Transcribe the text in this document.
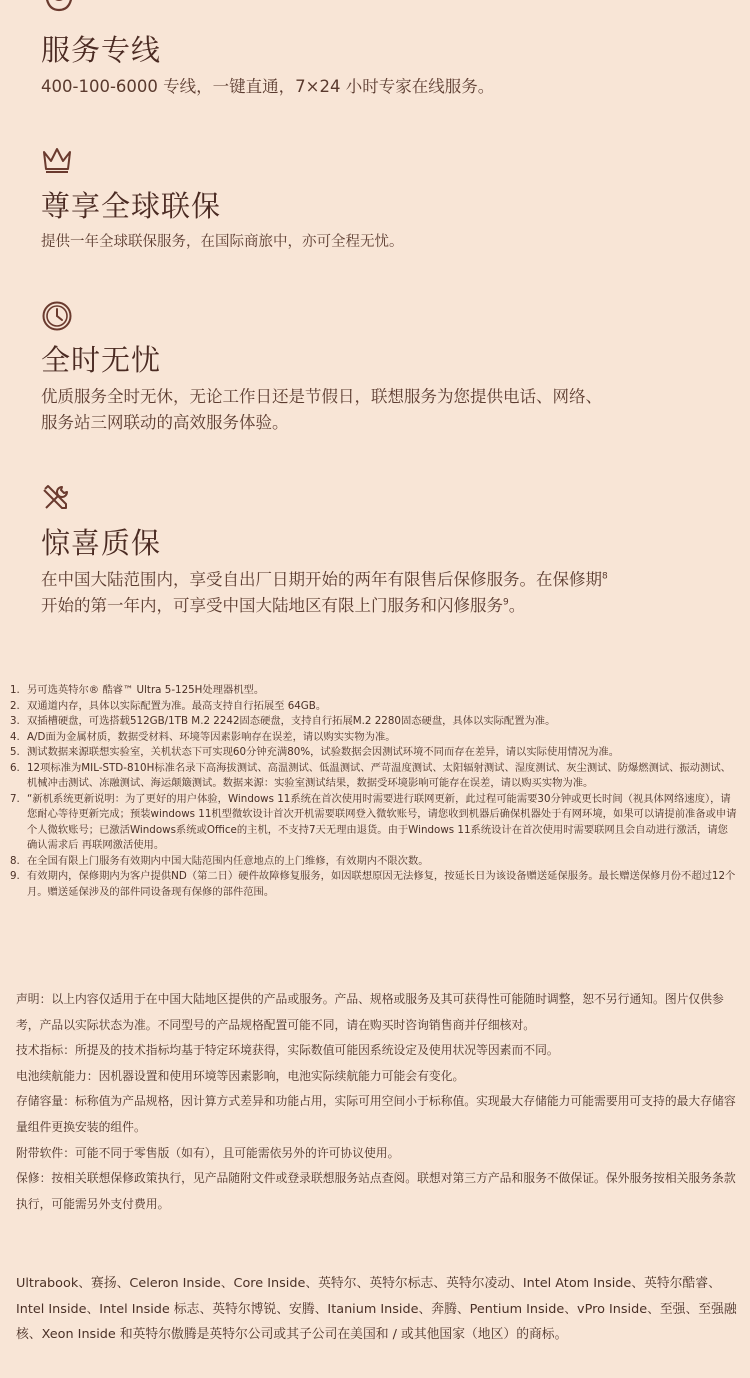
服务专线
400-100-6000 专线，一键直通，7×24 小时专家在线服务。
尊享全球联保
提供一年全球联保服务，在国际商旅中，亦可全程无忧。
全时无忧
优质服务全时无休，无论工作日还是节假日，联想服务为您提供电话、网络、
服务站三网联动的高效服务体验。
惊喜质保
在中国大陆范围内，享受自出厂日期开始的两年有限售后保修服务。在保修期$^8$
开始的第一年内，可享受中国大陆地区有限上门服务和闪修服务$^9$。
1. 另可选英特尔® 酷睿™ Ultra 5-125H处理器机型。
2. 双通道内存，具体以实际配置为准。最高支持自行拓展至 64GB。
3. 双插槽硬盘，可选搭载512GB/1TB M.2 2242固态硬盘，支持自行拓展M.2 2280固态硬盘，具体以实际配置为准。
4. A/D面为金属材质，数据受材料、环境等因素影响存在误差，请以购实实物为准。
5. 测试数据来源联想实验室，关机状态下可实现60分钟充满80%，试验数据会因测试环境不同而存在差异，请以实际使用情况为准。
6. 12项标准为MIL-STD-810H标准名录下高海拔测试、高温测试、低温测试、严苛温度测试、太阳辐射测试、湿度测试、灰尘测试、防爆燃测试、振动测试、机械冲击测试、冻融测试、海运颠簸测试。数据来源：实验室测试结果，数据受环境影响可能存在误差，请以购买实物为准。
7. “新机系统更新说明：为了更好的用户体验，Windows 11系统在首次使用时需要进行联网更新，此过程可能需要30分钟或更长时间（视具体网络速度），请您耐心等待更新完成；预装windows 11机型微软设计首次开机需要联网登入微软账号，请您收到机器后确保机器处于有网环境，如果可以请提前准备或申请个人微软账号；已激活Windows系统或Office的主机，不支持7天无理由退货。由于Windows 11系统设计在首次使用时需要联网且会自动进行激活，请您确认需求后 再联网激活使用。
8. 在全国有限上门服务有效期内中国大陆范围内任意地点的上门维修，有效期内不限次数。
9. 有效期内，保修期内为客户提供ND（第二日）硬件故障修复服务，如因联想原因无法修复，按延长日为该设备赠送延保服务。最长赠送保修月份不超过12个月。赠送延保涉及的部件同设备现有保修的部件范围。

声明：以上内容仅适用于在中国大陆地区提供的产品或服务。产品、规格或服务及其可获得性可能随时调整，恕不另行通知。图片仅供参考，产品以实际状态为准。不同型号的产品规格配置可能不同，请在购买时咨询销售商并仔细核对。

技术指标：所提及的技术指标均基于特定环境获得，实际数值可能因系统设定及使用状况等因素而不同。

电池续航能力：因机器设置和使用环境等因素影响，电池实际续航能力可能会有变化。

存储容量：标称值为产品规格，因计算方式差异和功能占用，实际可用空间小于标称值。实现最大存储能力可能需要用可支持的最大存储容量组件更换安装的组件。

附带软件：可能不同于零售版（如有），且可能需依另外的许可协议使用。

保修：按相关联想保修政策执行，见产品随附文件或登录联想服务站点查阅。联想对第三方产品和服务不做保证。保外服务按相关服务条款执行，可能需另外支付费用。

Ultrabook、赛扬、Celeron Inside、Core Inside、英特尔、英特尔标志、英特尔凌动、Intel Atom Inside、英特尔酷睿、Intel Inside、Intel Inside 标志、英特尔博锐、安腾、Itanium Inside、奔腾、Pentium Inside、vPro Inside、至强、至强融核、Xeon Inside 和英特尔傲腾是英特尔公司或其子公司在美国和 / 或其他国家（地区）的商标。
